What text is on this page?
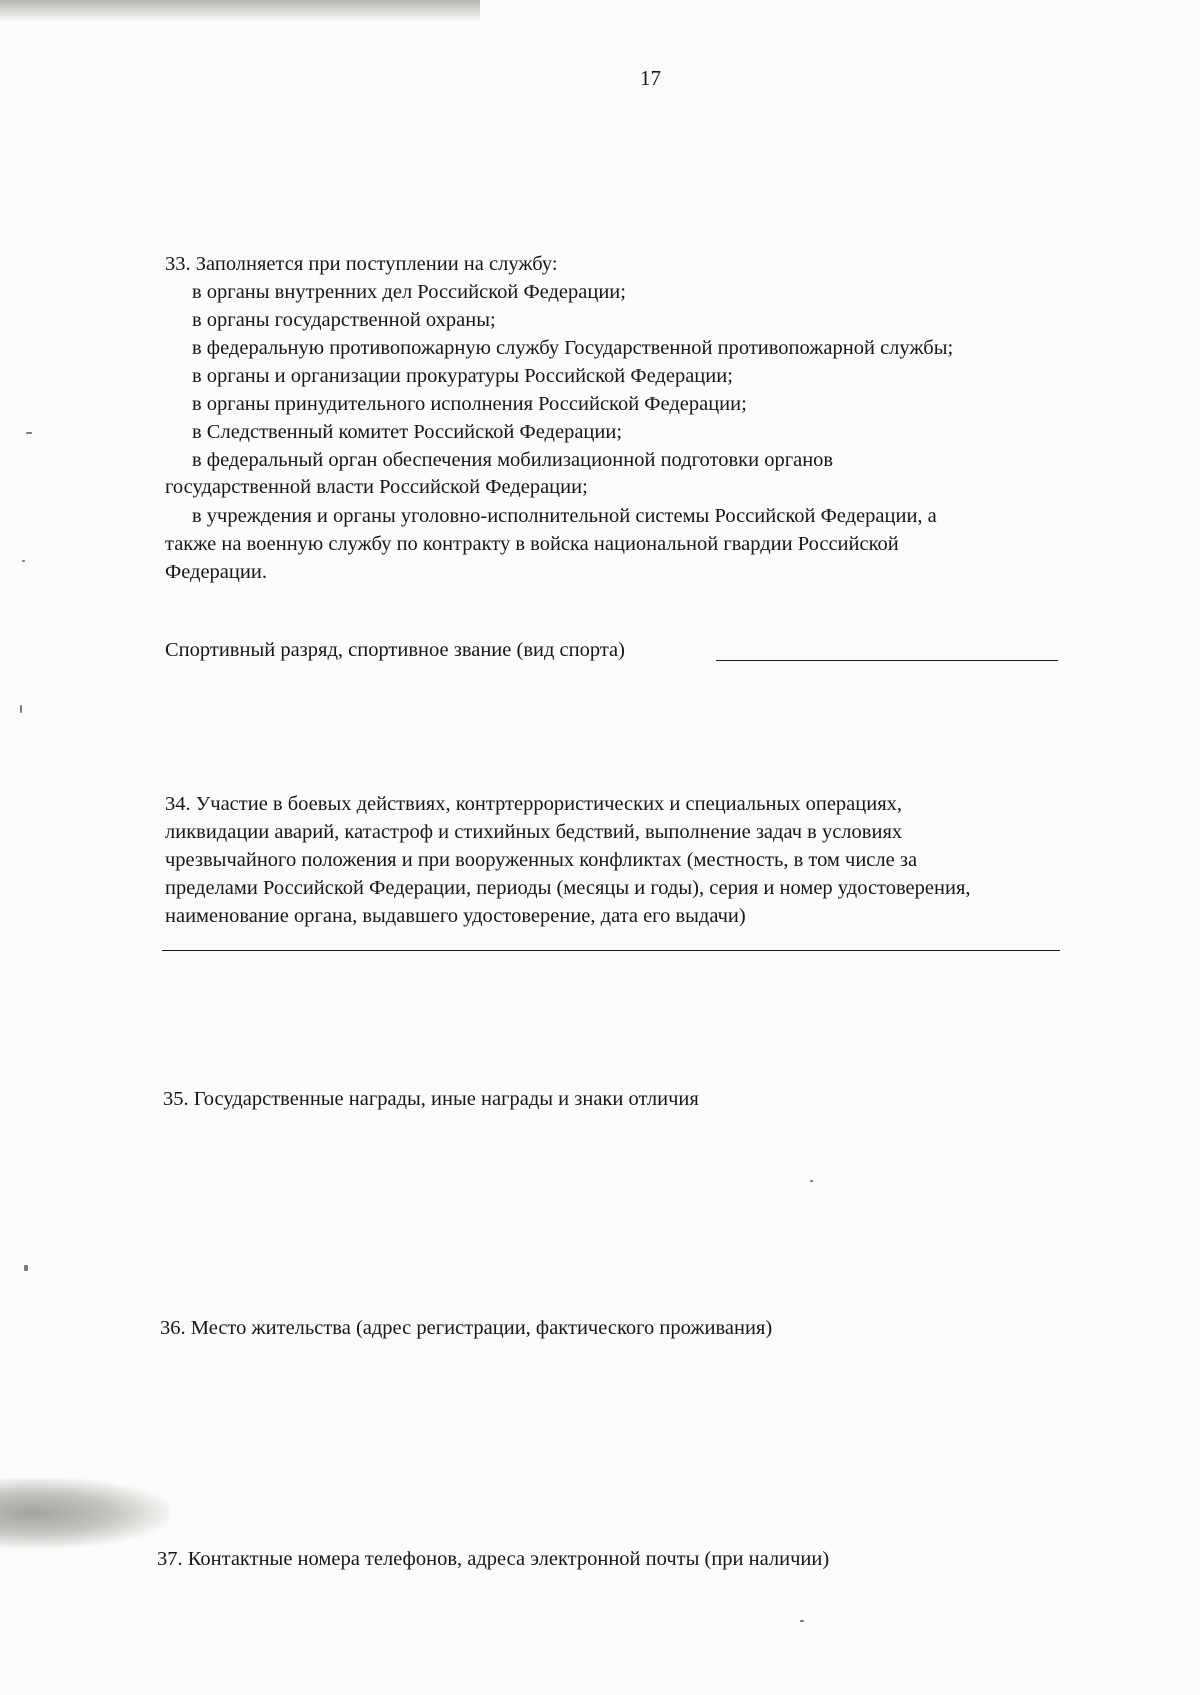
17
33. Заполняется при поступлении на службу:
в органы внутренних дел Российской Федерации;
в органы государственной охраны;
в федеральную противопожарную службу Государственной противопожарной службы;
в органы и организации прокуратуры Российской Федерации;
в органы принудительного исполнения Российской Федерации;
в Следственный комитет Российской Федерации;
в федеральный орган обеспечения мобилизационной подготовки органов
государственной власти Российской Федерации;
в учреждения и органы уголовно-исполнительной системы Российской Федерации, а
также на военную службу по контракту в войска национальной гвардии Российской
Федерации.
Спортивный разряд, спортивное звание (вид спорта)
34. Участие в боевых действиях, контртеррористических и специальных операциях,
ликвидации аварий, катастроф и стихийных бедствий, выполнение задач в условиях
чрезвычайного положения и при вооруженных конфликтах (местность, в том числе за
пределами Российской Федерации, периоды (месяцы и годы), серия и номер удостоверения,
наименование органа, выдавшего удостоверение, дата его выдачи)
35. Государственные награды, иные награды и знаки отличия
36. Место жительства (адрес регистрации, фактического проживания)
37. Контактные номера телефонов, адреса электронной почты (при наличии)
